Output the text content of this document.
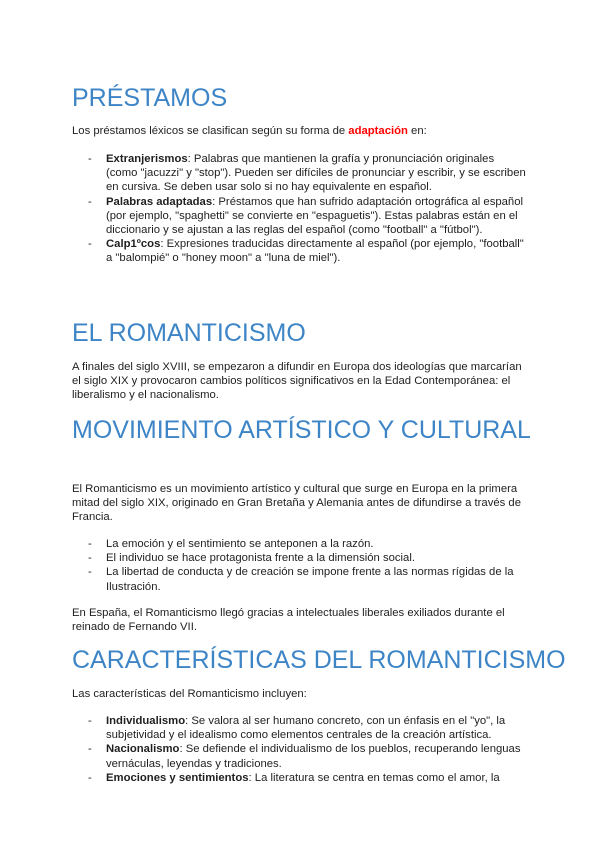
PRÉSTAMOS

Los préstamos léxicos se clasifican según su forma de adaptación en:

- Extranjerismos: Palabras que mantienen la grafía y pronunciación originales (como "jacuzzi" y "stop"). Pueden ser difíciles de pronunciar y escribir, y se escriben en cursiva. Se deben usar solo si no hay equivalente en español.
- Palabras adaptadas: Préstamos que han sufrido adaptación ortográfica al español (por ejemplo, "spaghetti" se convierte en "espaguetis"). Estas palabras están en el diccionario y se ajustan a las reglas del español (como "football" a "fútbol").
- Calp1ºcos: Expresiones traducidas directamente al español (por ejemplo, "football" a "balompié" o "honey moon" a "luna de miel").
EL ROMANTICISMO

A finales del siglo XVIII, se empezaron a difundir en Europa dos ideologías que marcarían el siglo XIX y provocaron cambios políticos significativos en la Edad Contemporánea: el liberalismo y el nacionalismo.

MOVIMIENTO ARTÍSTICO Y CULTURAL

El Romanticismo es un movimiento artístico y cultural que surge en Europa en la primera mitad del siglo XIX, originado en Gran Bretaña y Alemania antes de difundirse a través de Francia.

- La emoción y el sentimiento se anteponen a la razón.
- El individuo se hace protagonista frente a la dimensión social.
- La libertad de conducta y de creación se impone frente a las normas rígidas de la Ilustración.

En España, el Romanticismo llegó gracias a intelectuales liberales exiliados durante el reinado de Fernando VII.

CARACTERÍSTICAS DEL ROMANTICISMO

Las características del Romanticismo incluyen:

- Individualismo: Se valora al ser humano concreto, con un énfasis en el "yo", la subjetividad y el idealismo como elementos centrales de la creación artística.
- Nacionalismo: Se defiende el individualismo de los pueblos, recuperando lenguas vernáculas, leyendas y tradiciones.
- Emociones y sentimientos: La literatura se centra en temas como el amor, la
